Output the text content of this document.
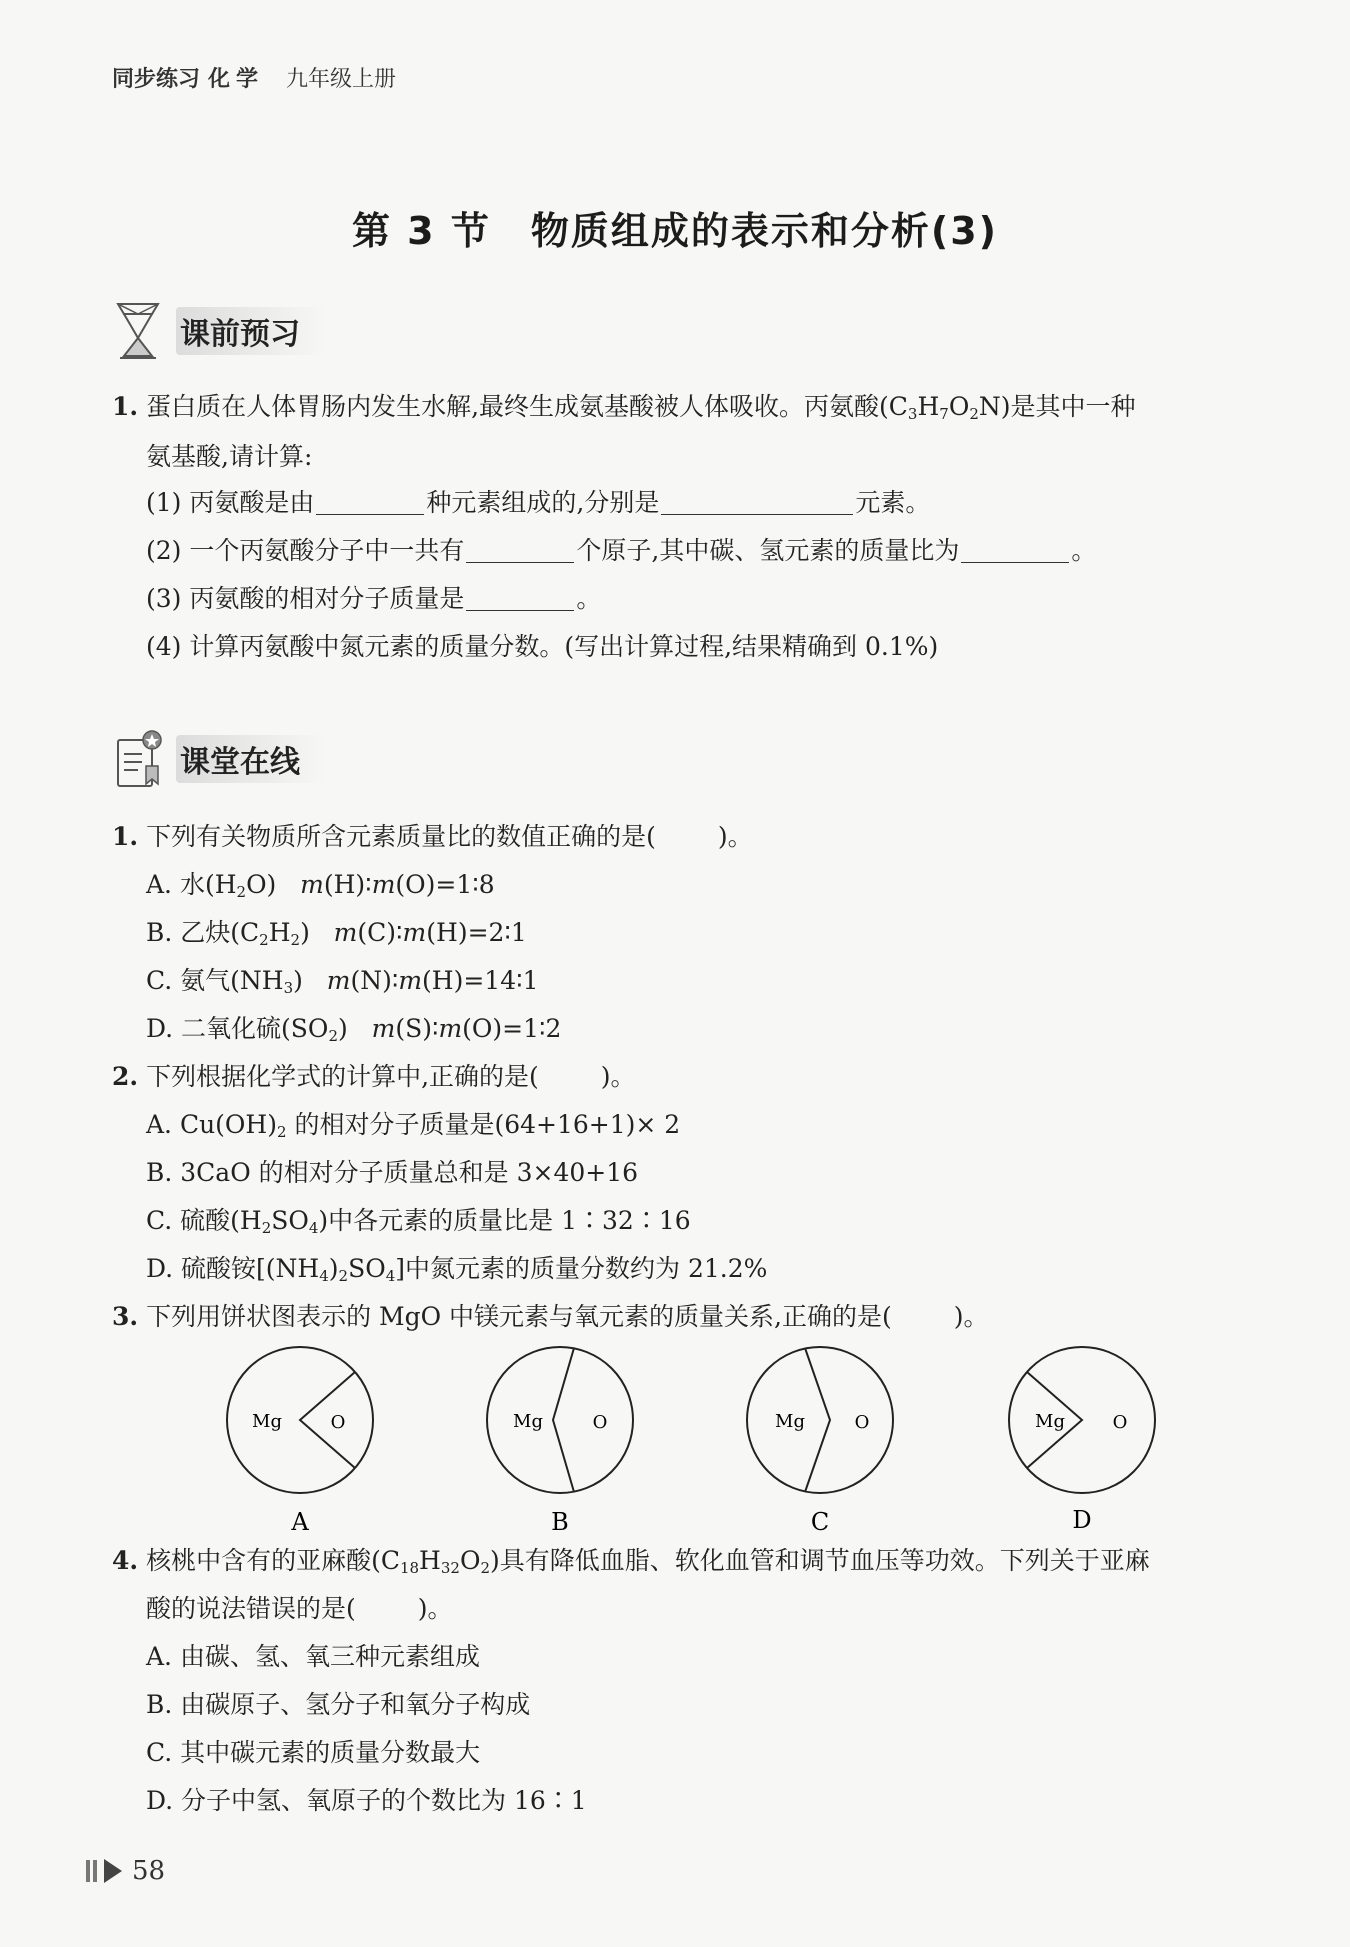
同步练习 化学 九年级上册
第 3 节　物质组成的表示和分析(3)
课前预习
1. 蛋白质在人体胃肠内发生水解,最终生成氨基酸被人体吸收。丙氨酸$(C_3H_7O_2N)$是其中一种
氨基酸,请计算:
(1) 丙氨酸是由	种元素组成的,分别是	元素。
(2) 一个丙氨酸分子中一共有	个原子,其中碳、氢元素的质量比为	。
(3) 丙氨酸的相对分子质量是	。
(4) 计算丙氨酸中氮元素的质量分数。(写出计算过程,结果精确到 0.1%)
课堂在线
1. 下列有关物质所含元素质量比的数值正确的是( )。
A. 水$(H_2O)$ m(H)∶m(O)=1∶8
B. 乙炔$(C_2H_2)$ m(C)∶m(H)=2∶1
C. 氨气$(NH_3)$ m(N)∶m(H)=14∶1
D. 二氧化硫$(SO_2)$ m(S)∶m(O)=1∶2
2. 下列根据化学式的计算中,正确的是( )。
A. $Cu(OH)_2$ 的相对分子质量是(64+16+1)× 2
B. 3CaO 的相对分子质量总和是 3×40+16
C. 硫酸$(H_2SO_4)$中各元素的质量比是 1∶32∶16
D. 硫酸铵$[(NH_4)_2SO_4]$中氮元素的质量分数约为 21.2%
3. 下列用饼状图表示的 MgO 中镁元素与氧元素的质量关系,正确的是( )。
Mg	O
A
Mg	O
B
Mg	O
C
Mg	O
D
4. 核桃中含有的亚麻酸$(C_{18}H_{32}O_2)$具有降低血脂、软化血管和调节血压等功效。下列关于亚麻
酸的说法错误的是( )。
A. 由碳、氢、氧三种元素组成
B. 由碳原子、氢分子和氧分子构成
C. 其中碳元素的质量分数最大
D. 分子中氢、氧原子的个数比为 16∶1
58
